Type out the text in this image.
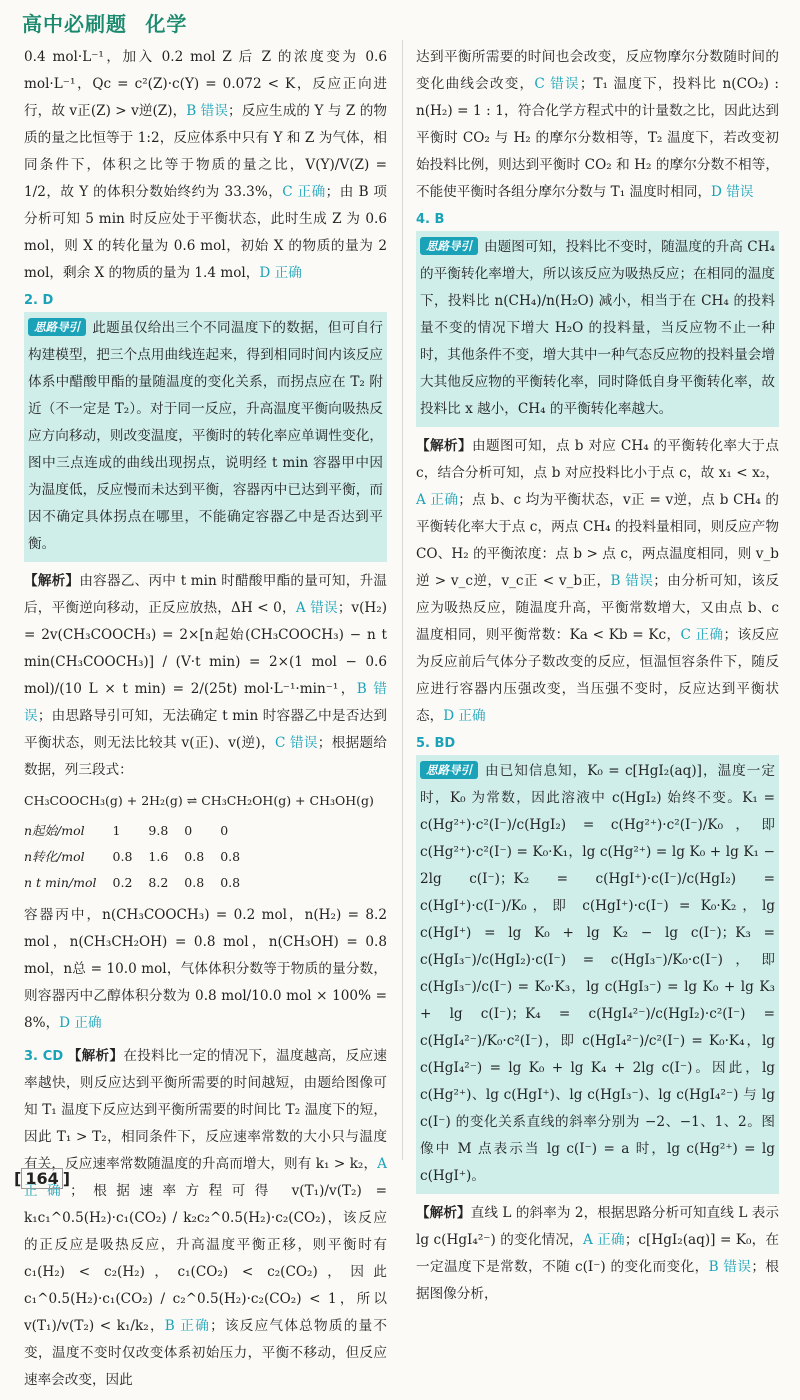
高中必刷题 化学

0.4 mol·L⁻¹，加入 0.2 mol Z 后 Z 的浓度变为 0.6 mol·L⁻¹，Qc = c²(Z)·c(Y) = 0.072 < K，反应正向进行，故 v正(Z) > v逆(Z)，B 错误；反应生成的 Y 与 Z 的物质的量之比恒等于 1:2，反应体系中只有 Y 和 Z 为气体，相同条件下，体积之比等于物质的量之比，V(Y)/V(Z) = 1/2，故 Y 的体积分数始终约为 33.3%，C 正确；由 B 项分析可知 5 min 时反应处于平衡状态，此时生成 Z 为 0.6 mol，则 X 的转化量为 0.6 mol，初始 X 的物质的量为 2 mol，剩余 X 的物质的量为 1.4 mol，D 正确

2. D

思路导引 此题虽仅给出三个不同温度下的数据，但可自行构建模型，把三个点用曲线连起来，得到相同时间内该反应体系中醋酸甲酯的量随温度的变化关系，而拐点应在 T₂ 附近（不一定是 T₂）。对于同一反应，升高温度平衡向吸热反应方向移动，则改变温度，平衡时的转化率应单调性变化，图中三点连成的曲线出现拐点，说明经 t min 容器甲中因为温度低，反应慢而未达到平衡，容器丙中已达到平衡，而因不确定具体拐点在哪里，不能确定容器乙中是否达到平衡。

【解析】由容器乙、丙中 t min 时醋酸甲酯的量可知，升温后，平衡逆向移动，正反应放热，ΔH < 0，A 错误；v(H₂) = 2v(CH₃COOCH₃) = 2×[n起始(CH₃COOCH₃) − n t min(CH₃COOCH₃)] / (V·t min) = 2×(1 mol − 0.6 mol)/(10 L × t min) = 2/(25t) mol·L⁻¹·min⁻¹，B 错误；由思路导引可知，无法确定 t min 时容器乙中是否达到平衡状态，则无法比较其 v(正)、v(逆)，C 错误；根据题给数据，列三段式：

CH₃COOCH₃(g) + 2H₂(g) ⇌ CH₃CH₂OH(g) + CH₃OH(g)
n起始/mol	1	9.8	0	0
n转化/mol	0.8	1.6	0.8	0.8
n t min/mol	0.2	8.2	0.8	0.8

容器丙中，n(CH₃COOCH₃) = 0.2 mol，n(H₂) = 8.2 mol，n(CH₃CH₂OH) = 0.8 mol，n(CH₃OH) = 0.8 mol，n总 = 10.0 mol，气体体积分数等于物质的量分数，则容器丙中乙醇体积分数为 0.8 mol/10.0 mol × 100% = 8%，D 正确

3. CD 【解析】在投料比一定的情况下，温度越高，反应速率越快，则反应达到平衡所需要的时间越短，由题给图像可知 T₁ 温度下反应达到平衡所需要的时间比 T₂ 温度下的短，因此 T₁ > T₂，相同条件下，反应速率常数的大小只与温度有关，反应速率常数随温度的升高而增大，则有 k₁ > k₂，A 正确；根据速率方程可得 v(T₁)/v(T₂) = k₁c₁^0.5(H₂)·c₁(CO₂) / k₂c₂^0.5(H₂)·c₂(CO₂)，该反应的正反应是吸热反应，升高温度平衡正移，则平衡时有 c₁(H₂) < c₂(H₂)，c₁(CO₂) < c₂(CO₂)，因此 c₁^0.5(H₂)·c₁(CO₂) / c₂^0.5(H₂)·c₂(CO₂) < 1，所以 v(T₁)/v(T₂) < k₁/k₂，B 正确；该反应气体总物质的量不变，温度不变时仅改变体系初始压力，平衡不移动，但反应速率会改变，因此

达到平衡所需要的时间也会改变，反应物摩尔分数随时间的变化曲线会改变，C 错误；T₁ 温度下，投料比 n(CO₂) : n(H₂) = 1 : 1，符合化学方程式中的计量数之比，因此达到平衡时 CO₂ 与 H₂ 的摩尔分数相等，T₂ 温度下，若改变初始投料比例，则达到平衡时 CO₂ 和 H₂ 的摩尔分数不相等，不能使平衡时各组分摩尔分数与 T₁ 温度时相同，D 错误

4. B

思路导引 由题图可知，投料比不变时，随温度的升高 CH₄ 的平衡转化率增大，所以该反应为吸热反应；在相同的温度下，投料比 n(CH₄)/n(H₂O) 减小，相当于在 CH₄ 的投料量不变的情况下增大 H₂O 的投料量，当反应物不止一种时，其他条件不变，增大其中一种气态反应物的投料量会增大其他反应物的平衡转化率，同时降低自身平衡转化率，故投料比 x 越小，CH₄ 的平衡转化率越大。

【解析】由题图可知，点 b 对应 CH₄ 的平衡转化率大于点 c，结合分析可知，点 b 对应投料比小于点 c，故 x₁ < x₂，A 正确；点 b、c 均为平衡状态，v正 = v逆，点 b CH₄ 的平衡转化率大于点 c，两点 CH₄ 的投料量相同，则反应产物 CO、H₂ 的平衡浓度：点 b > 点 c，两点温度相同，则 v_b逆 > v_c逆，v_c正 < v_b正，B 错误；由分析可知，该反应为吸热反应，随温度升高，平衡常数增大，又由点 b、c 温度相同，则平衡常数：Ka < Kb = Kc，C 正确；该反应为反应前后气体分子数改变的反应，恒温恒容条件下，随反应进行容器内压强改变，当压强不变时，反应达到平衡状态，D 正确

5. BD

思路导引 由已知信息知，K₀ = c[HgI₂(aq)]，温度一定时，K₀ 为常数，因此溶液中 c(HgI₂) 始终不变。K₁ = c(Hg²⁺)·c²(I⁻)/c(HgI₂) = c(Hg²⁺)·c²(I⁻)/K₀，即 c(Hg²⁺)·c²(I⁻) = K₀·K₁，lg c(Hg²⁺) = lg K₀ + lg K₁ − 2lg c(I⁻)；K₂ = c(HgI⁺)·c(I⁻)/c(HgI₂) = c(HgI⁺)·c(I⁻)/K₀，即 c(HgI⁺)·c(I⁻) = K₀·K₂，lg c(HgI⁺) = lg K₀ + lg K₂ − lg c(I⁻)；K₃ = c(HgI₃⁻)/c(HgI₂)·c(I⁻) = c(HgI₃⁻)/K₀·c(I⁻)，即 c(HgI₃⁻)/c(I⁻) = K₀·K₃，lg c(HgI₃⁻) = lg K₀ + lg K₃ + lg c(I⁻)；K₄ = c(HgI₄²⁻)/c(HgI₂)·c²(I⁻) = c(HgI₄²⁻)/K₀·c²(I⁻)，即 c(HgI₄²⁻)/c²(I⁻) = K₀·K₄，lg c(HgI₄²⁻) = lg K₀ + lg K₄ + 2lg c(I⁻)。因此，lg c(Hg²⁺)、lg c(HgI⁺)、lg c(HgI₃⁻)、lg c(HgI₄²⁻) 与 lg c(I⁻) 的变化关系直线的斜率分别为 −2、−1、1、2。图像中 M 点表示当 lg c(I⁻) = a 时，lg c(Hg²⁺) = lg c(HgI⁺)。

【解析】直线 L 的斜率为 2，根据思路分析可知直线 L 表示 lg c(HgI₄²⁻) 的变化情况，A 正确；c[HgI₂(aq)] = K₀，在一定温度下是常数，不随 c(I⁻) 的变化而变化，B 错误；根据图像分析，

[ 164 ]
